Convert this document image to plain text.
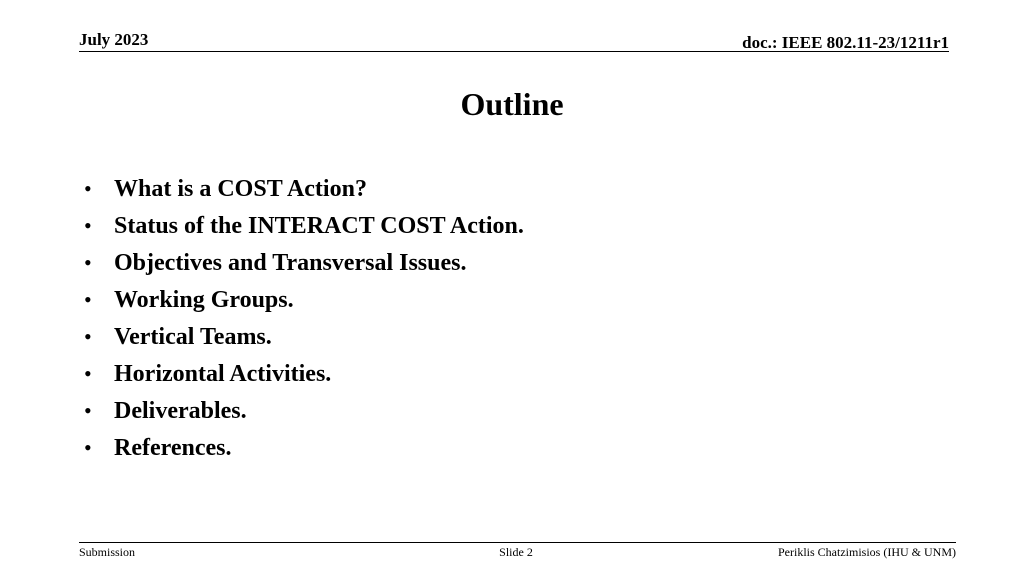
July 2023	doc.: IEEE 802.11-23/1211r1
Outline
• What is a COST Action?
• Status of the INTERACT COST Action.
• Objectives and Transversal Issues.
• Working Groups.
• Vertical Teams.
• Horizontal Activities.
• Deliverables.
• References.
Submission	Slide 2	Periklis Chatzimisios (IHU & UNM)
